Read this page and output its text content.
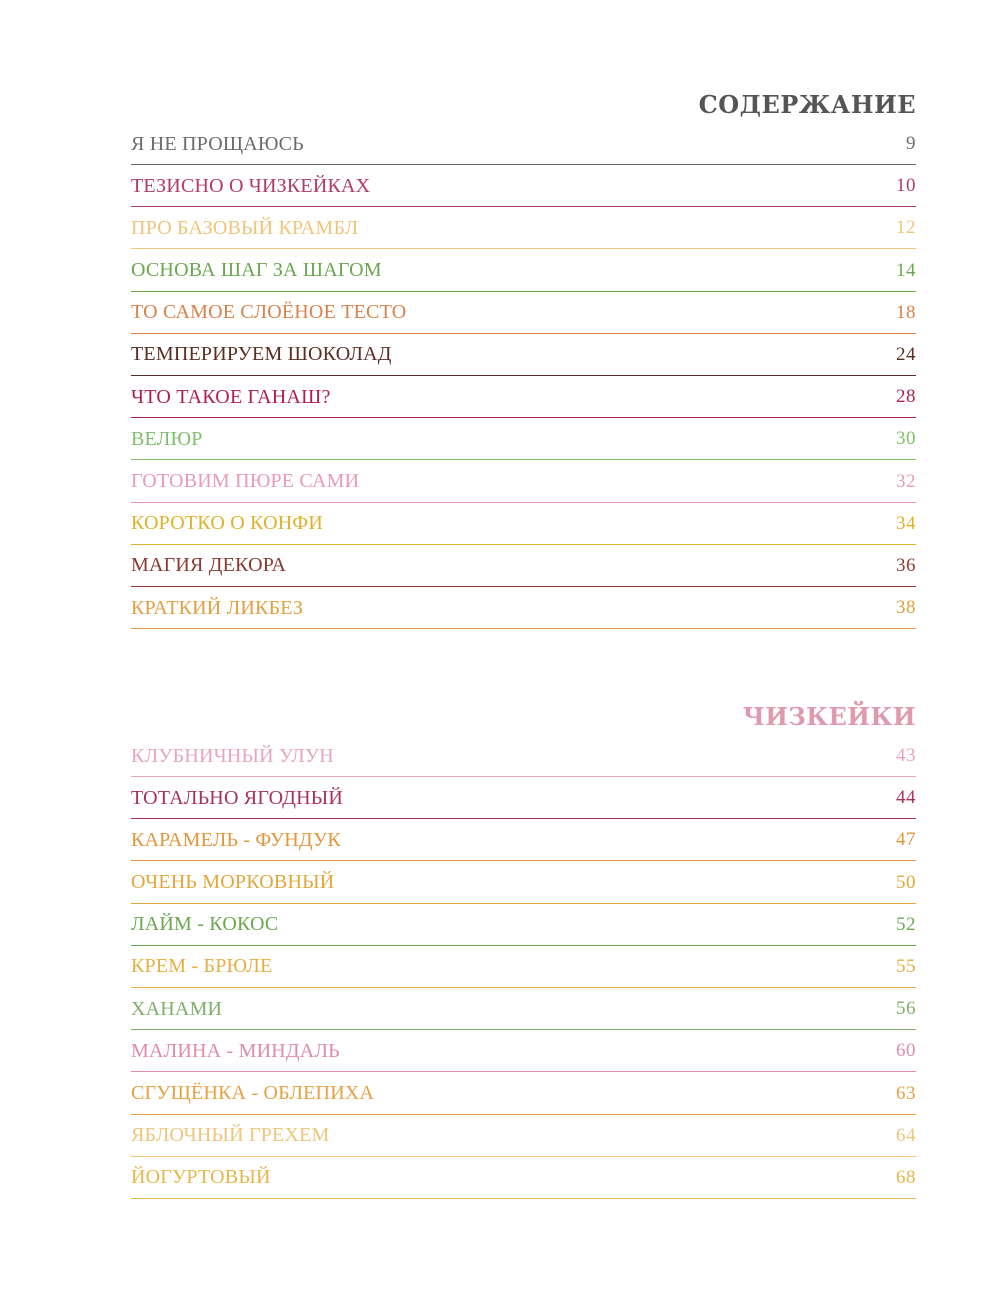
СОДЕРЖАНИЕ
Я НЕ ПРОЩАЮСЬ	9
ТЕЗИСНО О ЧИЗКЕЙКАХ	10
ПРО БАЗОВЫЙ КРАМБЛ	12
ОСНОВА ШАГ ЗА ШАГОМ	14
ТО САМОЕ СЛОЁНОЕ ТЕСТО	18
ТЕМПЕРИРУЕМ ШОКОЛАД	24
ЧТО ТАКОЕ ГАНАШ?	28
ВЕЛЮР	30
ГОТОВИМ ПЮРЕ САМИ	32
КОРОТКО О КОНФИ	34
МАГИЯ ДЕКОРА	36
КРАТКИЙ ЛИКБЕЗ	38
ЧИЗКЕЙКИ
КЛУБНИЧНЫЙ УЛУН	43
ТОТАЛЬНО ЯГОДНЫЙ	44
КАРАМЕЛЬ - ФУНДУК	47
ОЧЕНЬ МОРКОВНЫЙ	50
ЛАЙМ - КОКОС	52
КРЕМ - БРЮЛЕ	55
ХАНАМИ	56
МАЛИНА - МИНДАЛЬ	60
СГУЩЁНКА - ОБЛЕПИХА	63
ЯБЛОЧНЫЙ ГРЕХЕМ	64
ЙОГУРТОВЫЙ	68
